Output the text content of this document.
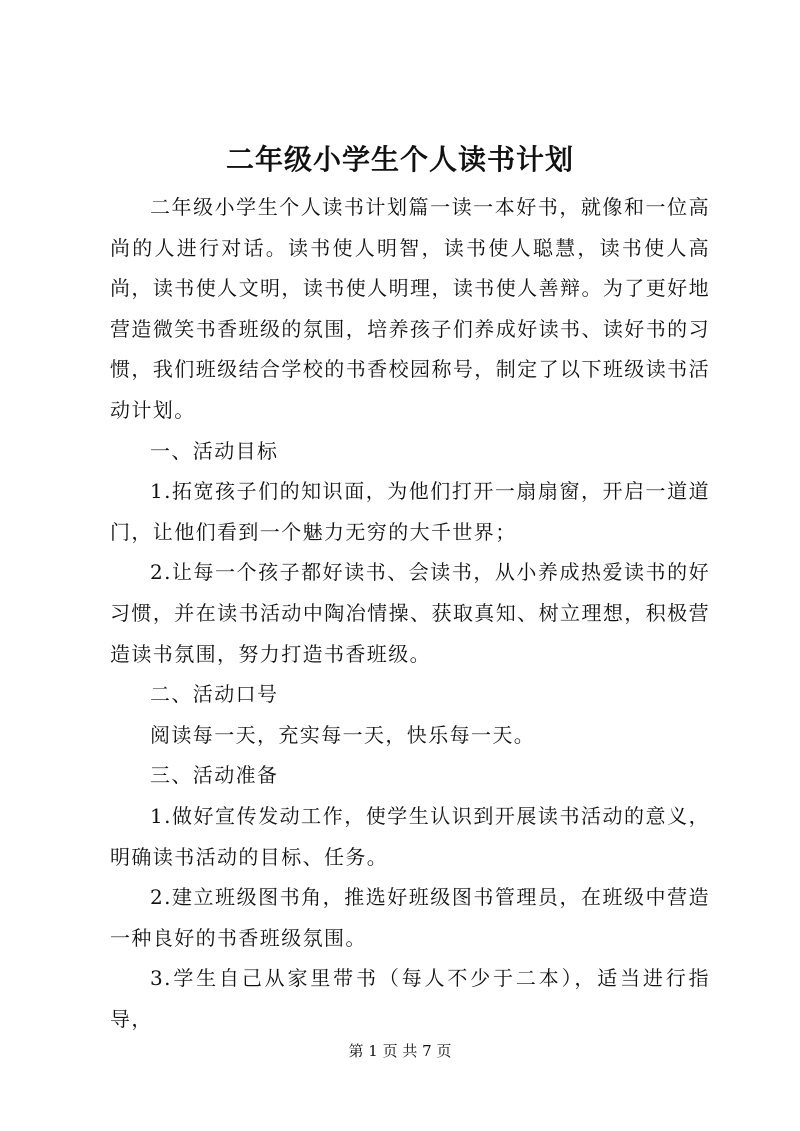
二年级小学生个人读书计划

二年级小学生个人读书计划篇一读一本好书，就像和一位高尚的人进行对话。读书使人明智，读书使人聪慧，读书使人高尚，读书使人文明，读书使人明理，读书使人善辩。为了更好地营造微笑书香班级的氛围，培养孩子们养成好读书、读好书的习惯，我们班级结合学校的书香校园称号，制定了以下班级读书活动计划。

一、活动目标

1.拓宽孩子们的知识面，为他们打开一扇扇窗，开启一道道门，让他们看到一个魅力无穷的大千世界；

2.让每一个孩子都好读书、会读书，从小养成热爱读书的好习惯，并在读书活动中陶冶情操、获取真知、树立理想，积极营造读书氛围，努力打造书香班级。

二、活动口号

阅读每一天，充实每一天，快乐每一天。

三、活动准备

1.做好宣传发动工作，使学生认识到开展读书活动的意义，明确读书活动的目标、任务。

2.建立班级图书角，推选好班级图书管理员，在班级中营造一种良好的书香班级氛围。

3.学生自己从家里带书（每人不少于二本），适当进行指导，

第 1 页 共 7 页
